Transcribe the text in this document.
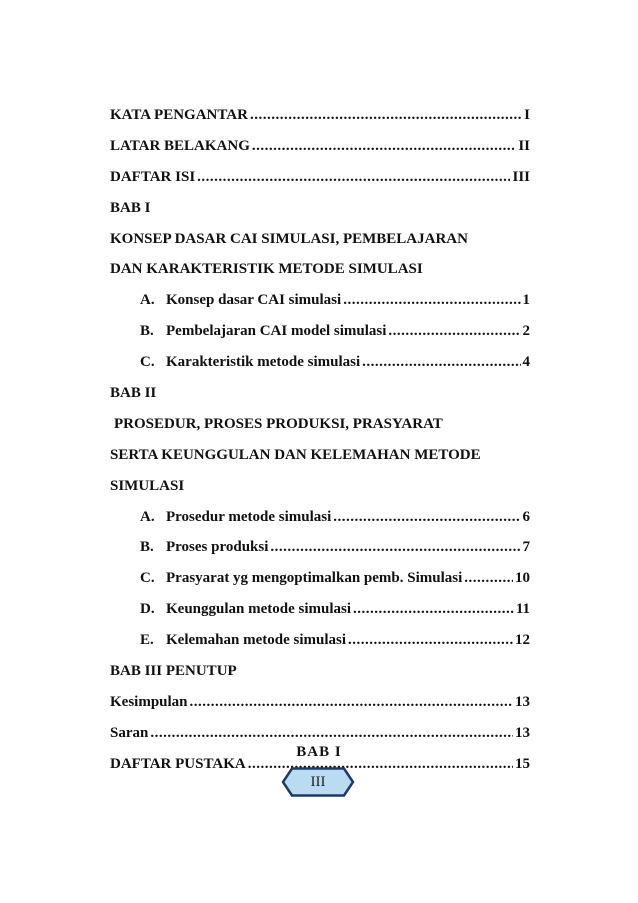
KATA PENGANTAR .....	I
LATAR BELAKANG .....	II
DAFTAR ISI .....	III
BAB I
KONSEP DASAR CAI SIMULASI, PEMBELAJARAN
DAN KARAKTERISTIK METODE SIMULASI
A. Konsep dasar CAI simulasi .....	1
B. Pembelajaran CAI model simulasi .....	2
C. Karakteristik metode simulasi .....	4
BAB II
PROSEDUR, PROSES PRODUKSI, PRASYARAT
SERTA KEUNGGULAN DAN KELEMAHAN METODE
SIMULASI
A. Prosedur metode simulasi .....	6
B. Proses produksi .....	7
C. Prasyarat yg mengoptimalkan pemb. Simulasi .....	10
D. Keunggulan metode simulasi .....	11
E. Kelemahan metode simulasi .....	12
BAB III PENUTUP
Kesimpulan .....	13
Saran .....	13
DAFTAR PUSTAKA .....	15
BAB I
III
